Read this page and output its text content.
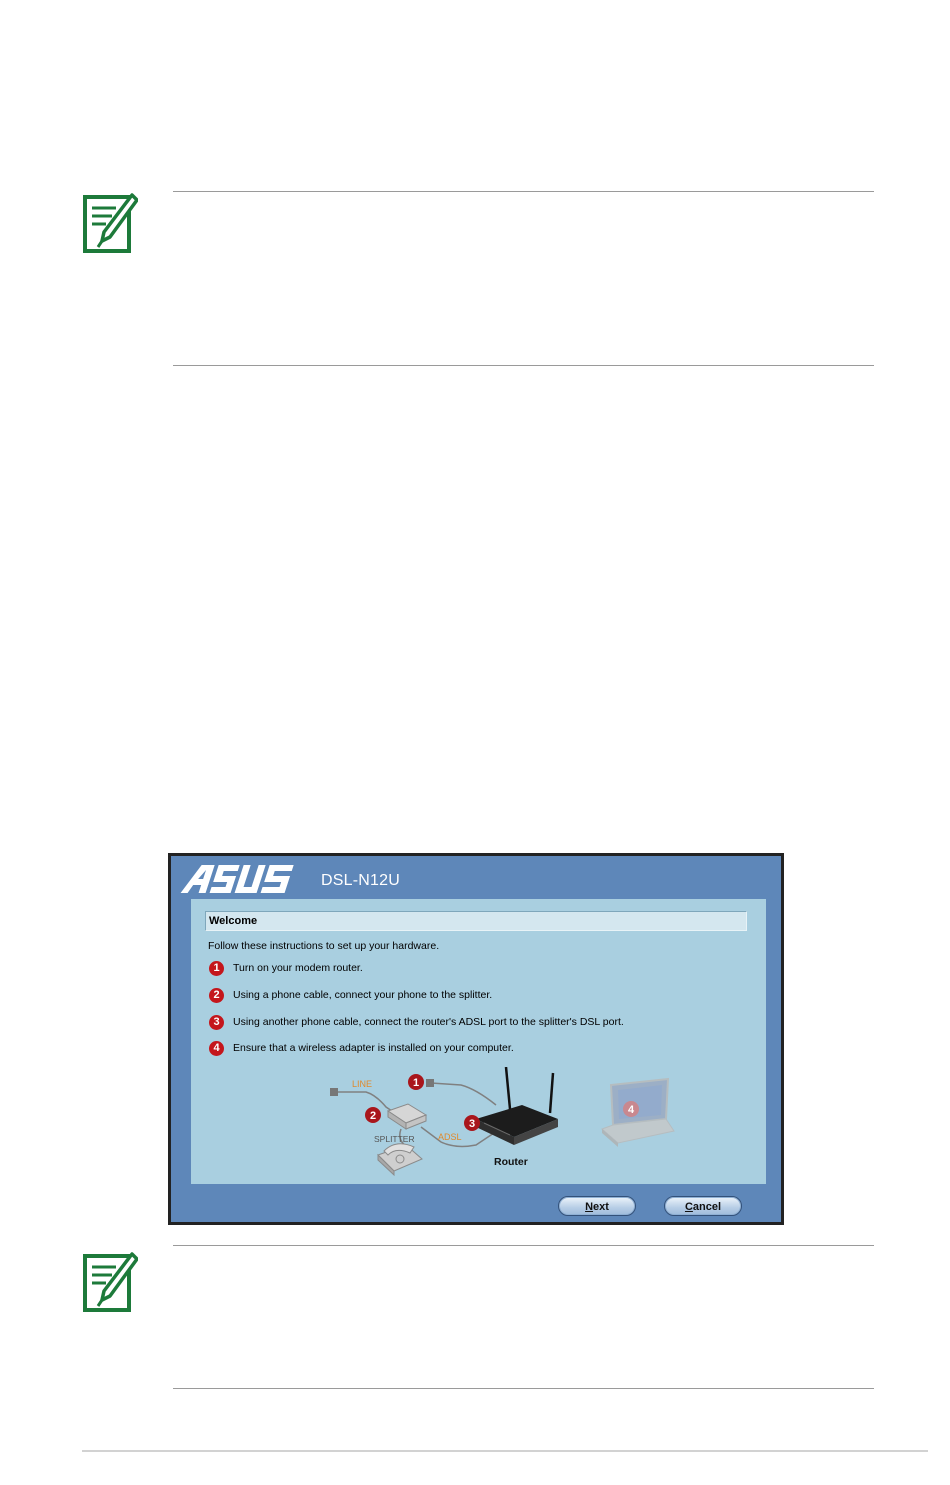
DSL-N12U
Welcome
Follow these instructions to set up your hardware.
1 Turn on your modem router.
2 Using a phone cable, connect your phone to the splitter.
3 Using another phone cable, connect the router's ADSL port to the splitter's DSL port.
4 Ensure that a wireless adapter is installed on your computer.
LINE
SPLITTER	ADSL
Router
1
2
3
4
Next	Cancel
